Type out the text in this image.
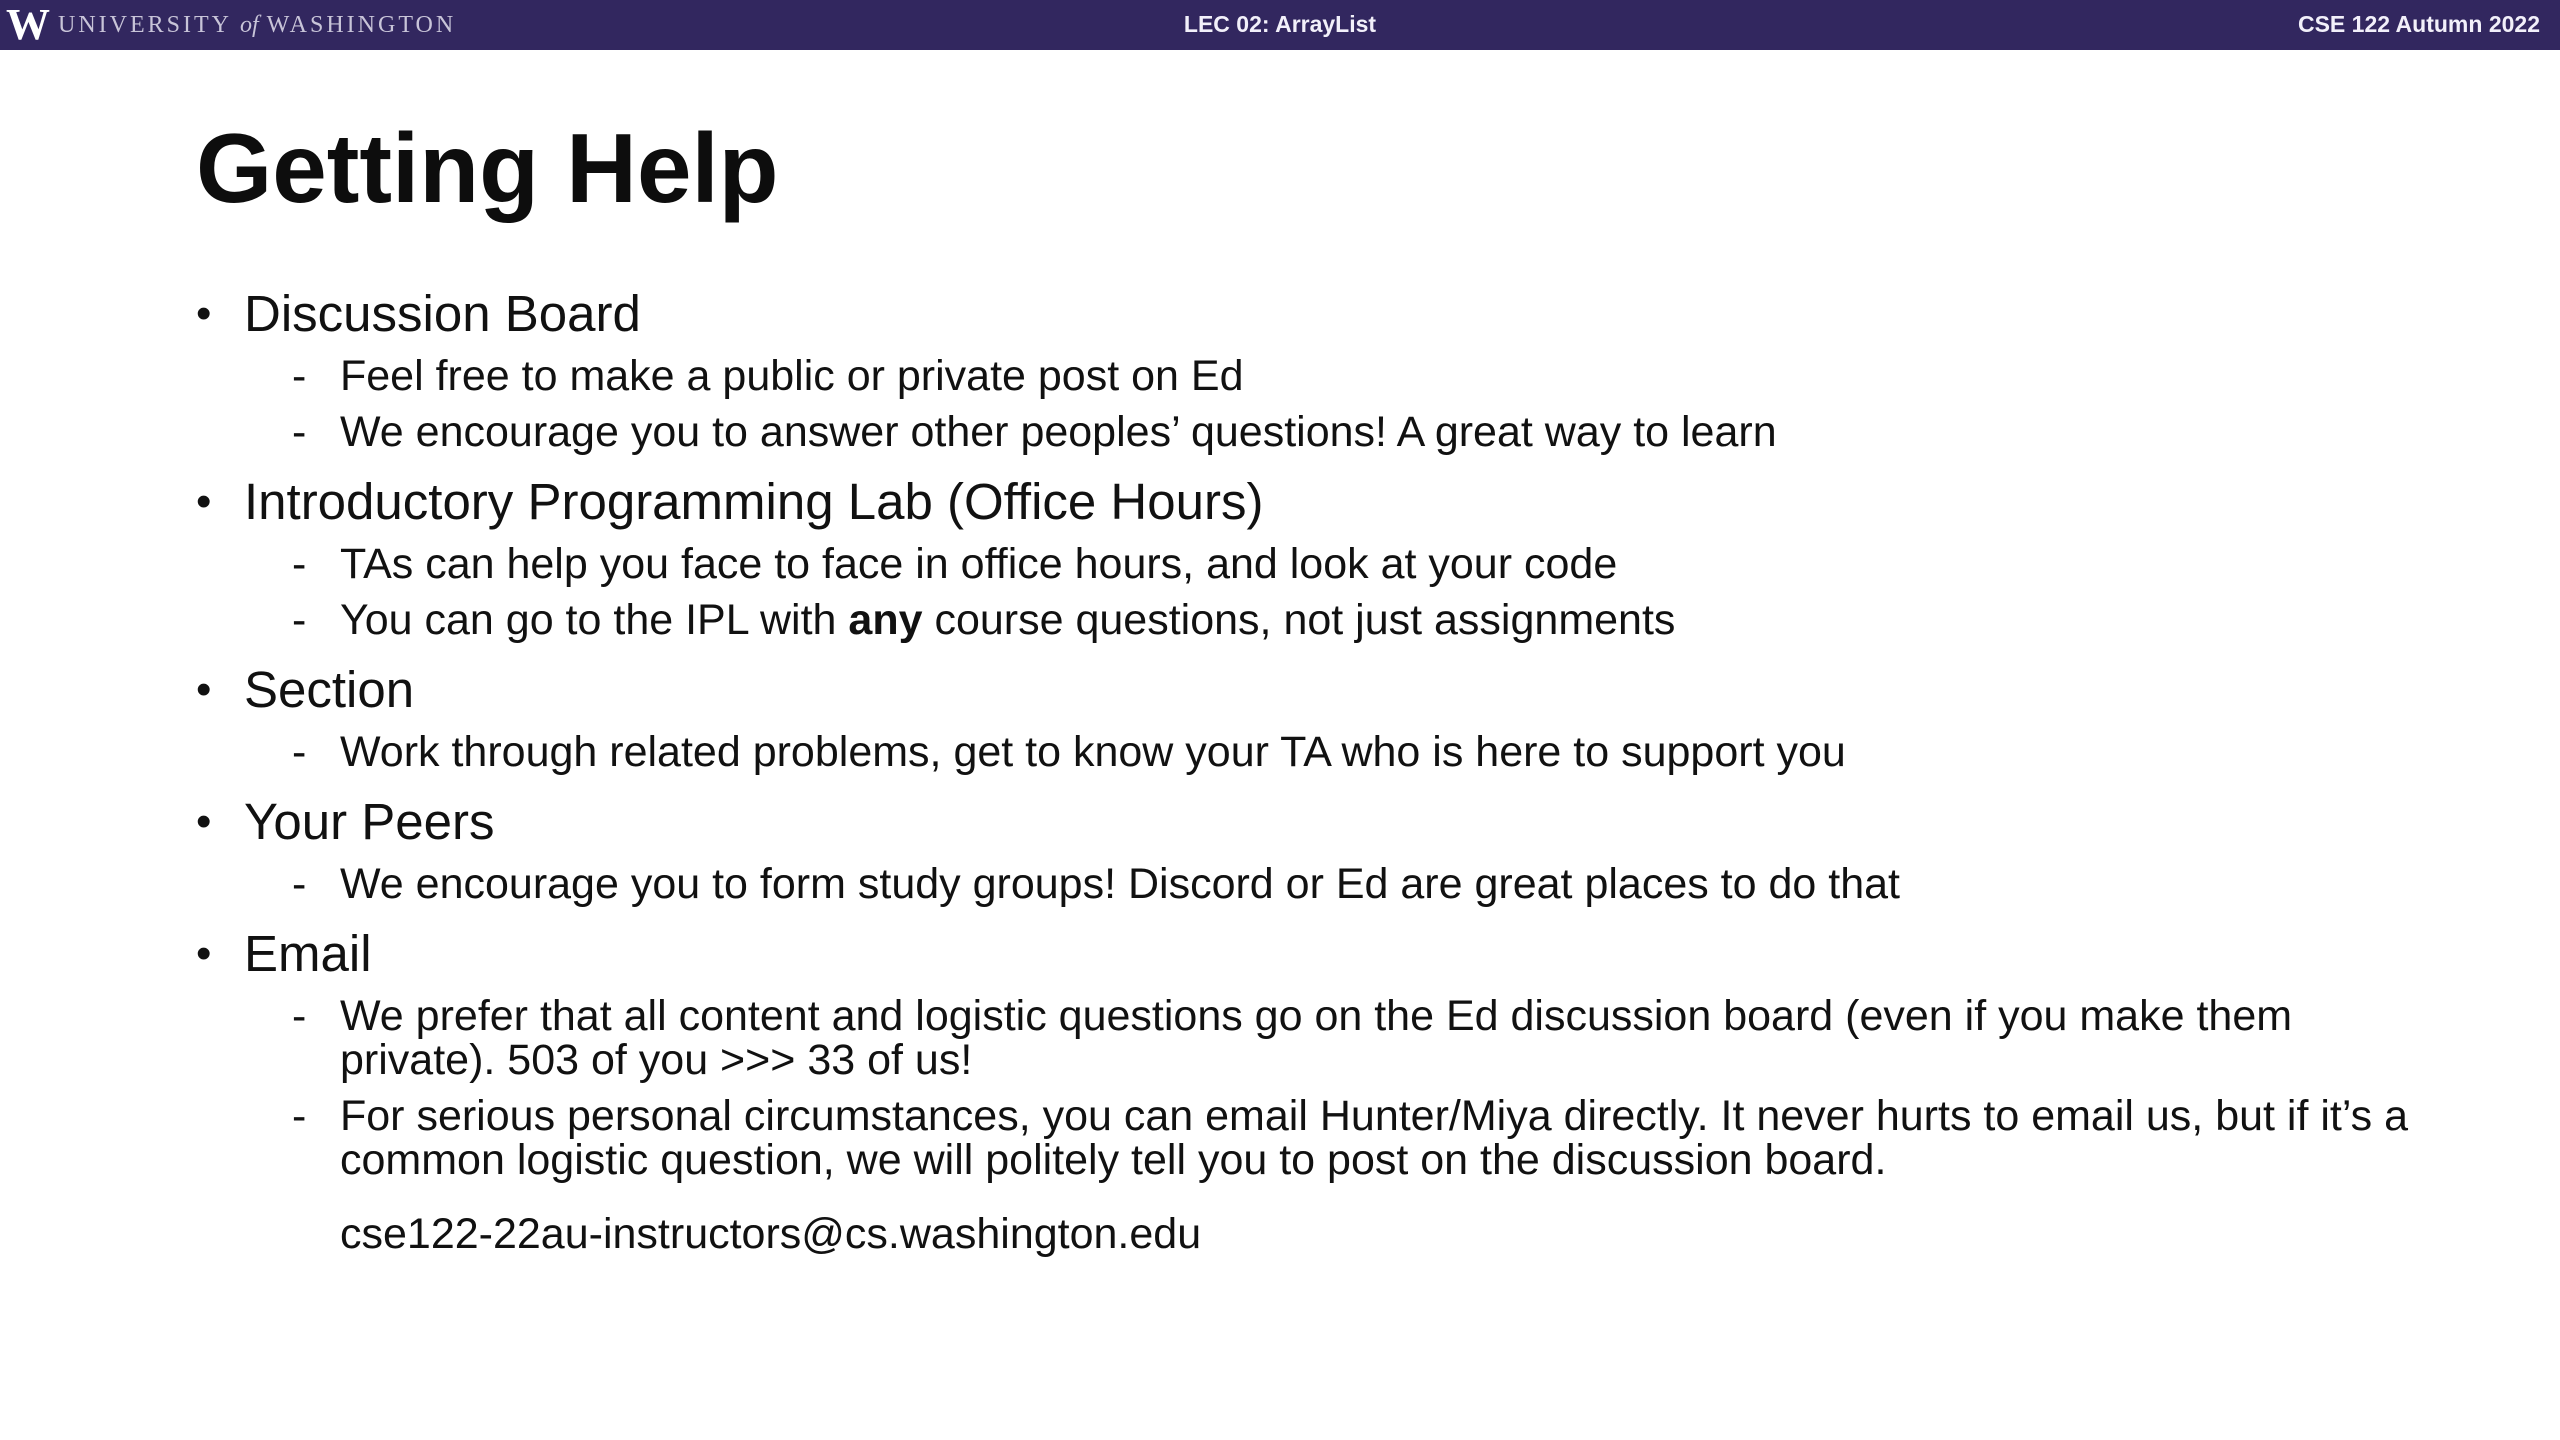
W UNIVERSITY of WASHINGTON	LEC 02: ArrayList	CSE 122 Autumn 2022
Getting Help
• Discussion Board
- Feel free to make a public or private post on Ed
- We encourage you to answer other peoples’ questions! A great way to learn
• Introductory Programming Lab (Office Hours)
- TAs can help you face to face in office hours, and look at your code
- You can go to the IPL with any course questions, not just assignments
• Section
- Work through related problems, get to know your TA who is here to support you
• Your Peers
- We encourage you to form study groups! Discord or Ed are great places to do that
• Email
- We prefer that all content and logistic questions go on the Ed discussion board (even if you make them private). 503 of you >>> 33 of us!
- For serious personal circumstances, you can email Hunter/Miya directly. It never hurts to email us, but if it’s a common logistic question, we will politely tell you to post on the discussion board.
cse122-22au-instructors@cs.washington.edu
